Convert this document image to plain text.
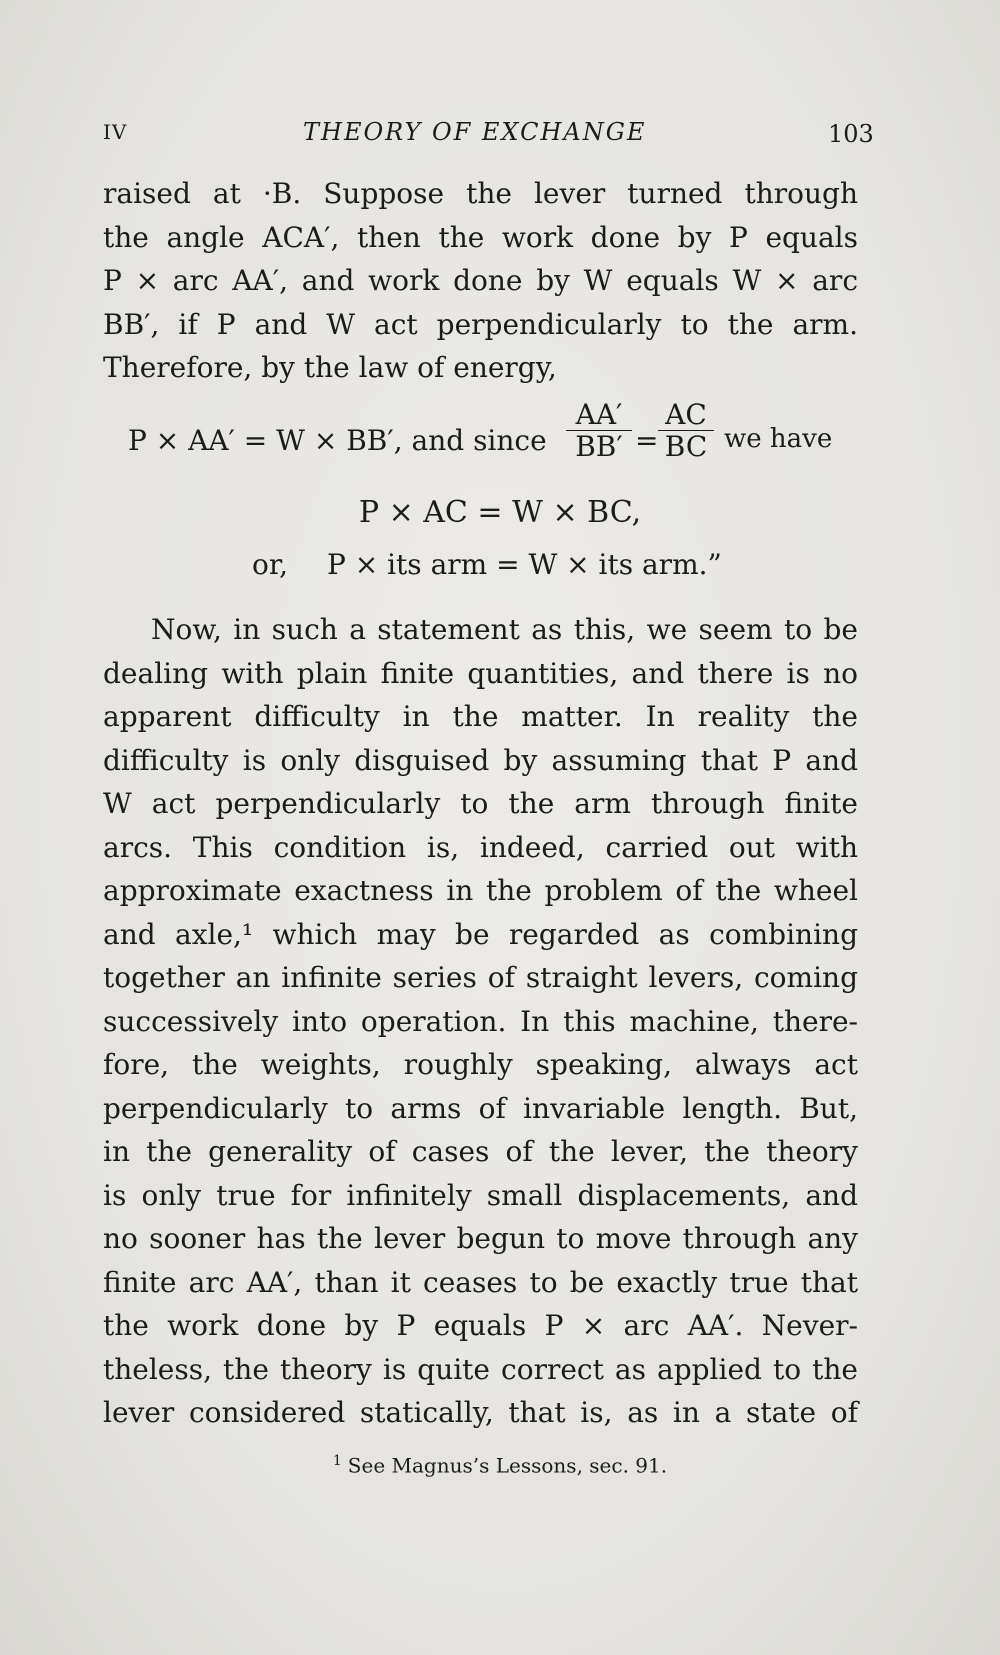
IV	THEORY OF EXCHANGE	103
raised at ·B. Suppose the lever turned through
the angle ACA′, then the work done by P equals
P × arc AA′, and work done by W equals W × arc
BB′, if P and W act perpendicularly to the arm.
Therefore, by the law of energy,
P × AA′ = W × BB′, and since $\frac{AA'}{BB'} = \frac{AC}{BC}$ we have
P × AC = W × BC,
or, P × its arm = W × its arm.”
Now, in such a statement as this, we seem to be
dealing with plain finite quantities, and there is no
apparent difficulty in the matter. In reality the
difficulty is only disguised by assuming that P and
W act perpendicularly to the arm through finite
arcs. This condition is, indeed, carried out with
approximate exactness in the problem of the wheel
and axle,¹ which may be regarded as combining
together an infinite series of straight levers, coming
successively into operation. In this machine, there-
fore, the weights, roughly speaking, always act
perpendicularly to arms of invariable length. But,
in the generality of cases of the lever, the theory
is only true for infinitely small displacements, and
no sooner has the lever begun to move through any
finite arc AA′, than it ceases to be exactly true that
the work done by P equals P × arc AA′. Never-
theless, the theory is quite correct as applied to the
lever considered statically, that is, as in a state of
$^1$ See Magnus’s Lessons, sec. 91.
